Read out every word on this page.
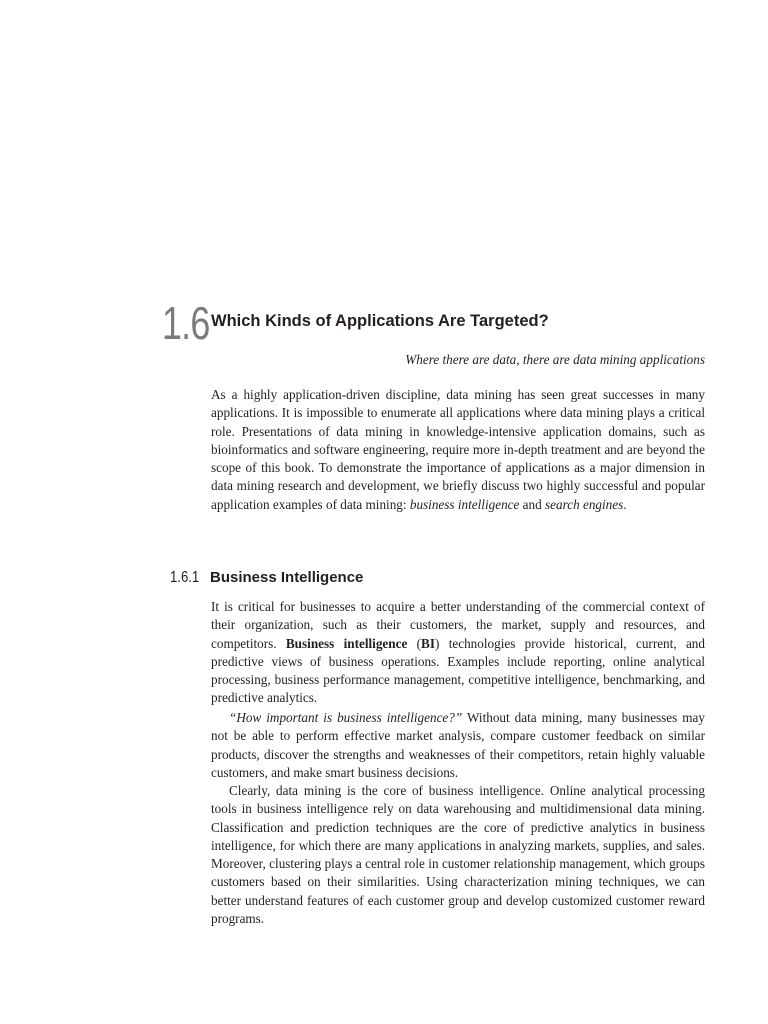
1.6 Which Kinds of Applications Are Targeted?
Where there are data, there are data mining applications

As a highly application-driven discipline, data mining has seen great successes in many applications. It is impossible to enumerate all applications where data mining plays a critical role. Presentations of data mining in knowledge-intensive application domains, such as bioinformatics and software engineering, require more in-depth treatment and are beyond the scope of this book. To demonstrate the importance of applications as a major dimension in data mining research and development, we briefly discuss two highly successful and popular application examples of data mining: business intelligence and search engines.

1.6.1 Business Intelligence

It is critical for businesses to acquire a better understanding of the commercial context of their organization, such as their customers, the market, supply and resources, and competitors. Business intelligence (BI) technologies provide historical, current, and predictive views of business operations. Examples include reporting, online analytical processing, business performance management, competitive intelligence, benchmarking, and predictive analytics.

“How important is business intelligence?” Without data mining, many businesses may not be able to perform effective market analysis, compare customer feedback on similar products, discover the strengths and weaknesses of their competitors, retain highly valuable customers, and make smart business decisions.

Clearly, data mining is the core of business intelligence. Online analytical processing tools in business intelligence rely on data warehousing and multidimensional data mining. Classification and prediction techniques are the core of predictive analytics in business intelligence, for which there are many applications in analyzing markets, supplies, and sales. Moreover, clustering plays a central role in customer relationship management, which groups customers based on their similarities. Using characterization mining techniques, we can better understand features of each customer group and develop customized customer reward programs.
